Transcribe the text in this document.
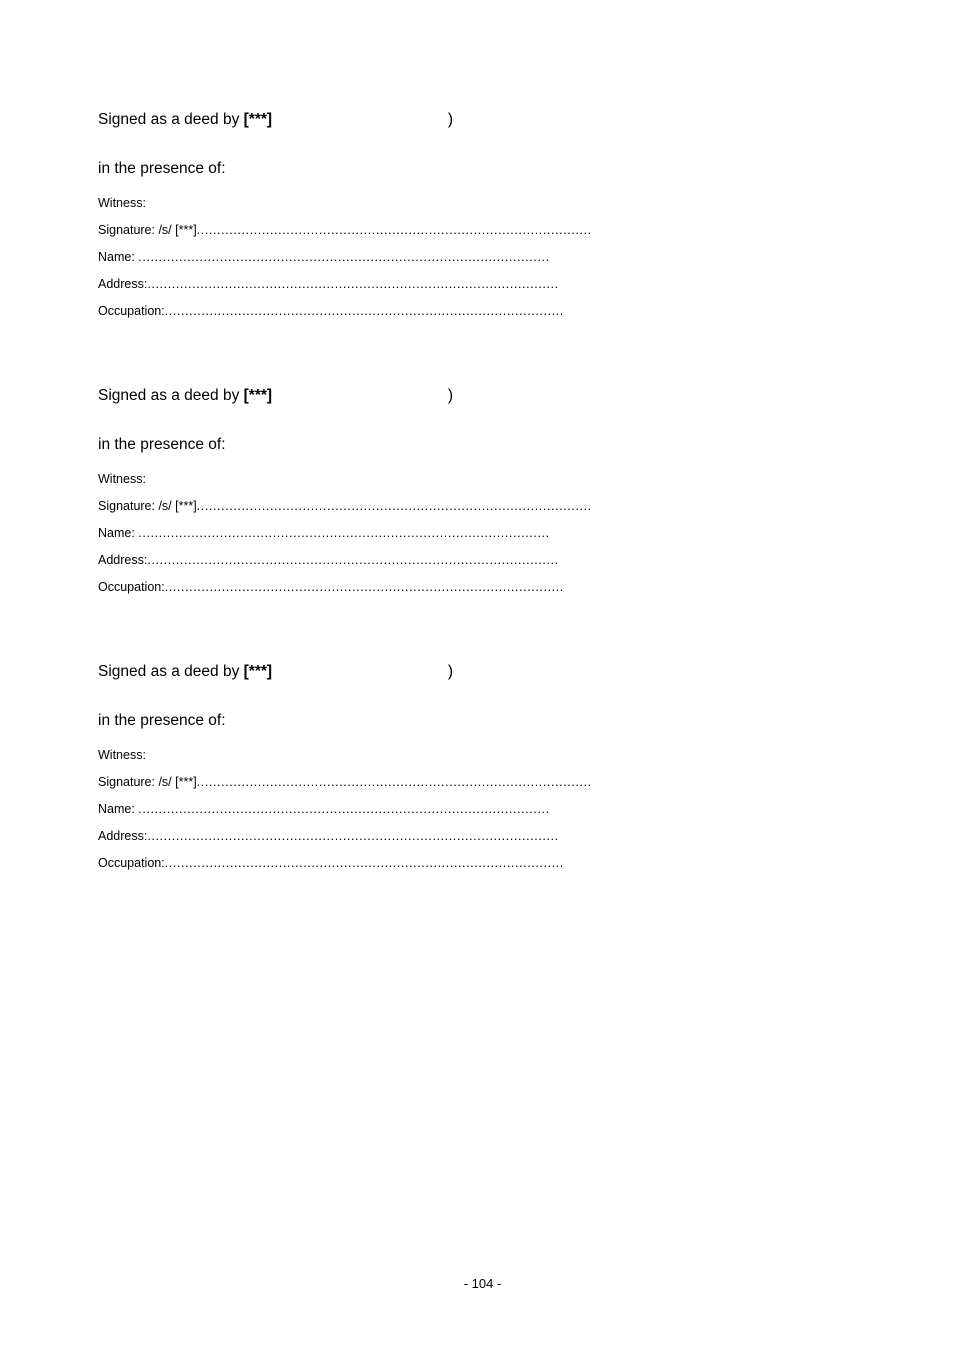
Signed as a deed by [***]	)
in the presence of:
Witness:
Signature: /s/ [***].................................................................................................
Name: .....................................................................................................
Address:.....................................................................................................
Occupation:..................................................................................................
Signed as a deed by [***]	)
in the presence of:
Witness:
Signature: /s/ [***].................................................................................................
Name: .....................................................................................................
Address:.....................................................................................................
Occupation:..................................................................................................
Signed as a deed by [***]	)
in the presence of:
Witness:
Signature: /s/ [***].................................................................................................
Name: .....................................................................................................
Address:.....................................................................................................
Occupation:..................................................................................................
- 104 -
